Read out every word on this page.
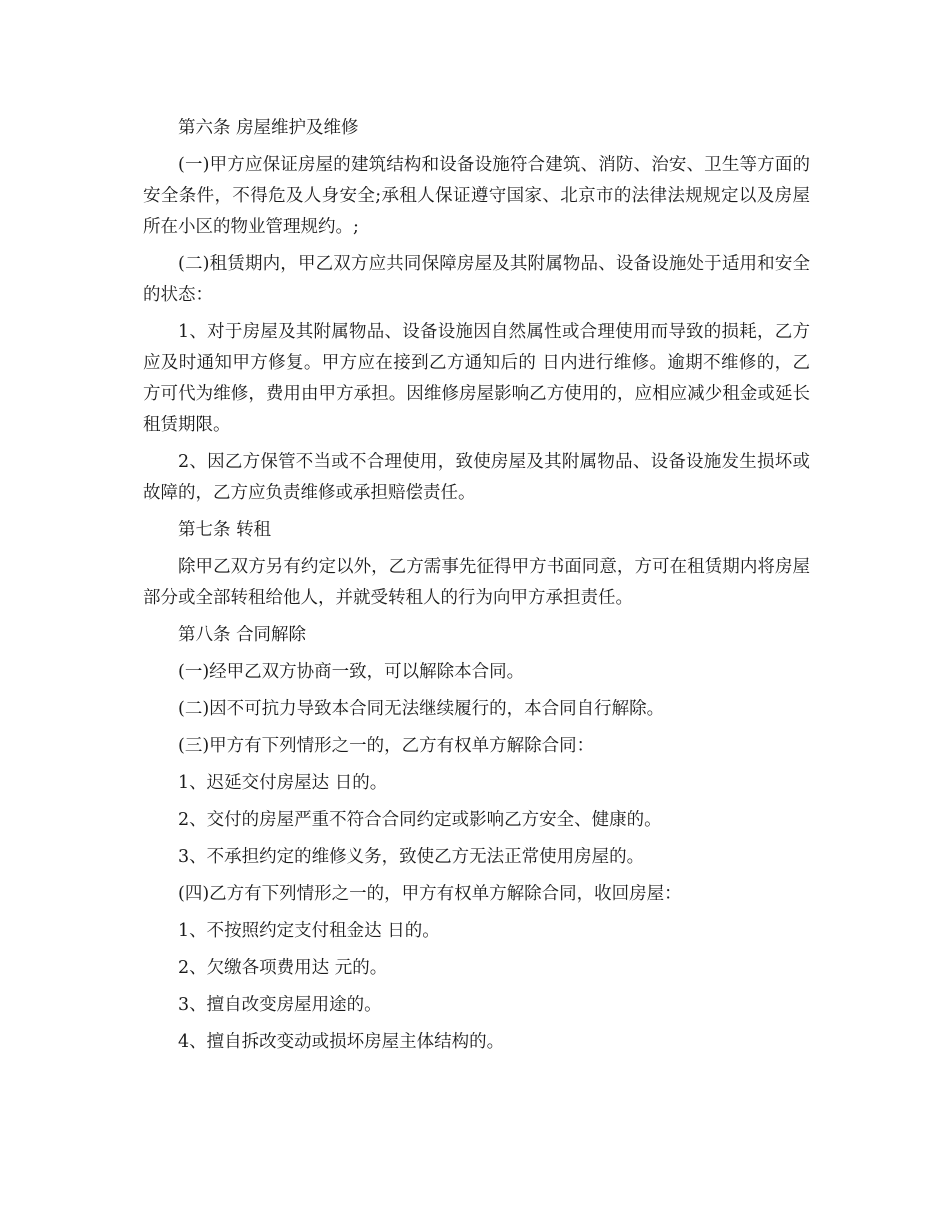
第六条 房屋维护及维修

(一)甲方应保证房屋的建筑结构和设备设施符合建筑、消防、治安、卫生等方面的安全条件，不得危及人身安全;承租人保证遵守国家、北京市的法律法规规定以及房屋所在小区的物业管理规约。;

(二)租赁期内，甲乙双方应共同保障房屋及其附属物品、设备设施处于适用和安全的状态：

1、对于房屋及其附属物品、设备设施因自然属性或合理使用而导致的损耗，乙方应及时通知甲方修复。甲方应在接到乙方通知后的 日内进行维修。逾期不维修的，乙方可代为维修，费用由甲方承担。因维修房屋影响乙方使用的，应相应减少租金或延长租赁期限。

2、因乙方保管不当或不合理使用，致使房屋及其附属物品、设备设施发生损坏或故障的，乙方应负责维修或承担赔偿责任。

第七条 转租

除甲乙双方另有约定以外，乙方需事先征得甲方书面同意，方可在租赁期内将房屋部分或全部转租给他人，并就受转租人的行为向甲方承担责任。

第八条 合同解除

(一)经甲乙双方协商一致，可以解除本合同。

(二)因不可抗力导致本合同无法继续履行的，本合同自行解除。

(三)甲方有下列情形之一的，乙方有权单方解除合同：

1、迟延交付房屋达 日的。

2、交付的房屋严重不符合合同约定或影响乙方安全、健康的。

3、不承担约定的维修义务，致使乙方无法正常使用房屋的。

(四)乙方有下列情形之一的，甲方有权单方解除合同，收回房屋：

1、不按照约定支付租金达 日的。

2、欠缴各项费用达 元的。

3、擅自改变房屋用途的。

4、擅自拆改变动或损坏房屋主体结构的。
